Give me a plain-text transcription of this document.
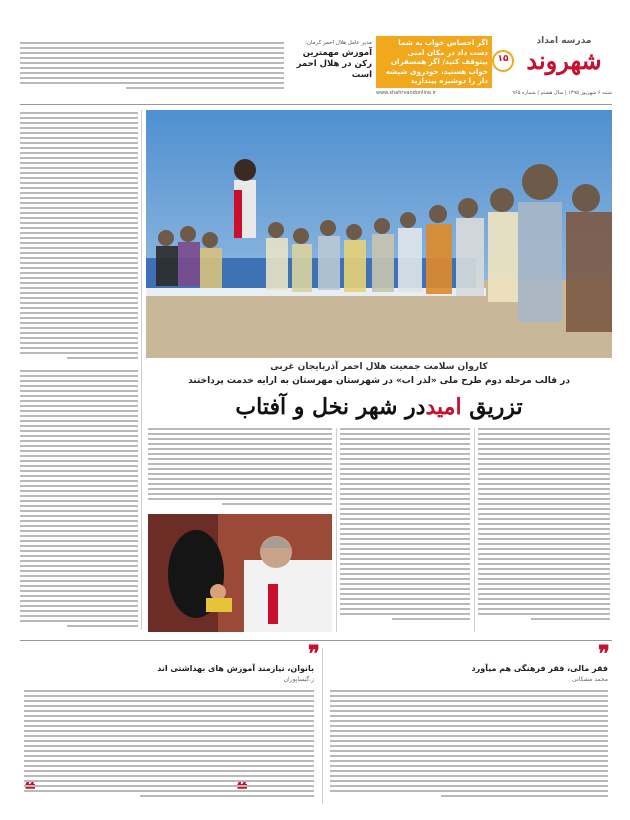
اگر احساس خواب به شما دست داد در مکان امنی بیتوقف کنید/ اگر همسفران خواب هستید، خودروی شیشه دار را دوشیزه بیندازید
۱۵
مدرسه امداد
شهروند
شنبه ۶ شهریور ۱۳۹۵ | سال هشتم | شماره ۹۶۵
www.shahrvandonline.ir
مدیر عامل هلال احمر کرمان:
آموزش مهمترین رکن در هلال احمر است
کاروان سلامت جمعیت هلال احمر آذربایجان غربی
در قالب مرحله دوم طرح ملی «لذر آب» در شهرستان مهرستان به ارایه خدمت پرداختند
تزریق امیددر شهر نخل و آفتاب
❞
❞
فقر مالی، فقر فرهنگی هم میآورد
محمد مشکانی
بانوان، نیازمند آموزش های بهداشتی اند
ز.گیساپوران
